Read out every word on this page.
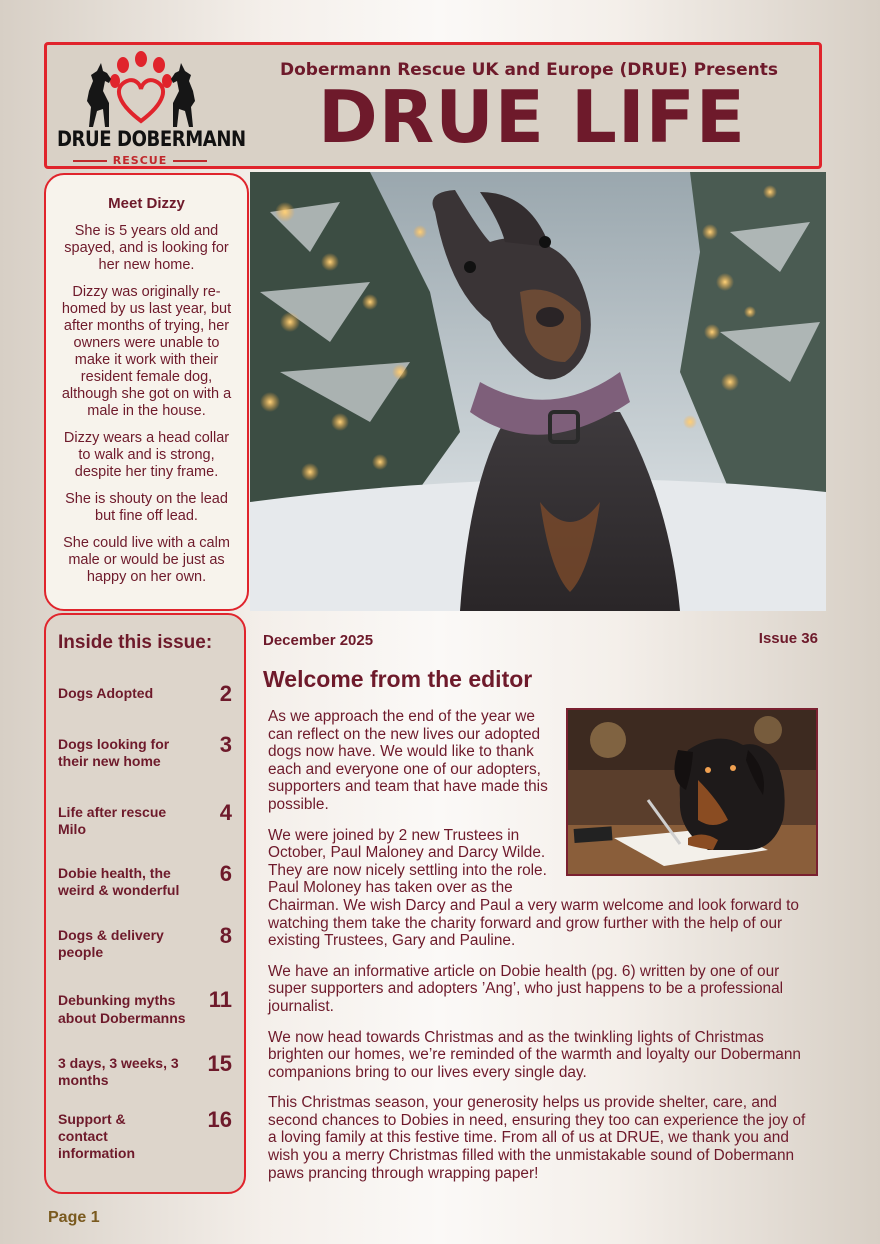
DRUE DOBERMANN
RESCUE
Dobermann Rescue UK and Europe (DRUE) Presents
DRUE LIFE
Meet Dizzy

She is 5 years old and spayed, and is looking for her new home.

Dizzy was originally re-homed by us last year, but after months of trying, her owners were unable to make it work with their resident female dog, although she got on with a male in the house.

Dizzy wears a head collar to walk and is strong, despite her tiny frame.

She is shouty on the lead but fine off lead.

She could live with a calm male or would be just as happy on her own.

Inside this issue:
Dogs Adopted	2
Dogs looking for their new home
3
Life after rescue Milo
4
Dobie health, the weird & wonderful
6
Dogs & delivery people
8
Debunking myths about Dobermanns
11
3 days, 3 weeks, 3 months
15
Support & contact information
16
December 2025	Issue 36
Welcome from the editor

As we approach the end of the year we can reflect on the new lives our adopted dogs now have. We would like to thank each and everyone one of our adopters, supporters and team that have made this possible.

We were joined by 2 new Trustees in October, Paul Maloney and Darcy Wilde. They are now nicely settling into the role. Paul Moloney has taken over as the Chairman. We wish Darcy and Paul a very warm welcome and look forward to watching them take the charity forward and grow further with the help of our existing Trustees, Gary and Pauline.

We have an informative article on Dobie health (pg. 6) written by one of our super supporters and adopters ’Ang’, who just happens to be a professional journalist.

We now head towards Christmas and as the twinkling lights of Christmas brighten our homes, we’re reminded of the warmth and loyalty our Dobermann companions bring to our lives every single day.

This Christmas season, your generosity helps us provide shelter, care, and second chances to Dobies in need, ensuring they too can experience the joy of a loving family at this festive time. From all of us at DRUE, we thank you and wish you a merry Christmas filled with the unmistakable sound of Dobermann paws prancing through wrapping paper!

Page 1
